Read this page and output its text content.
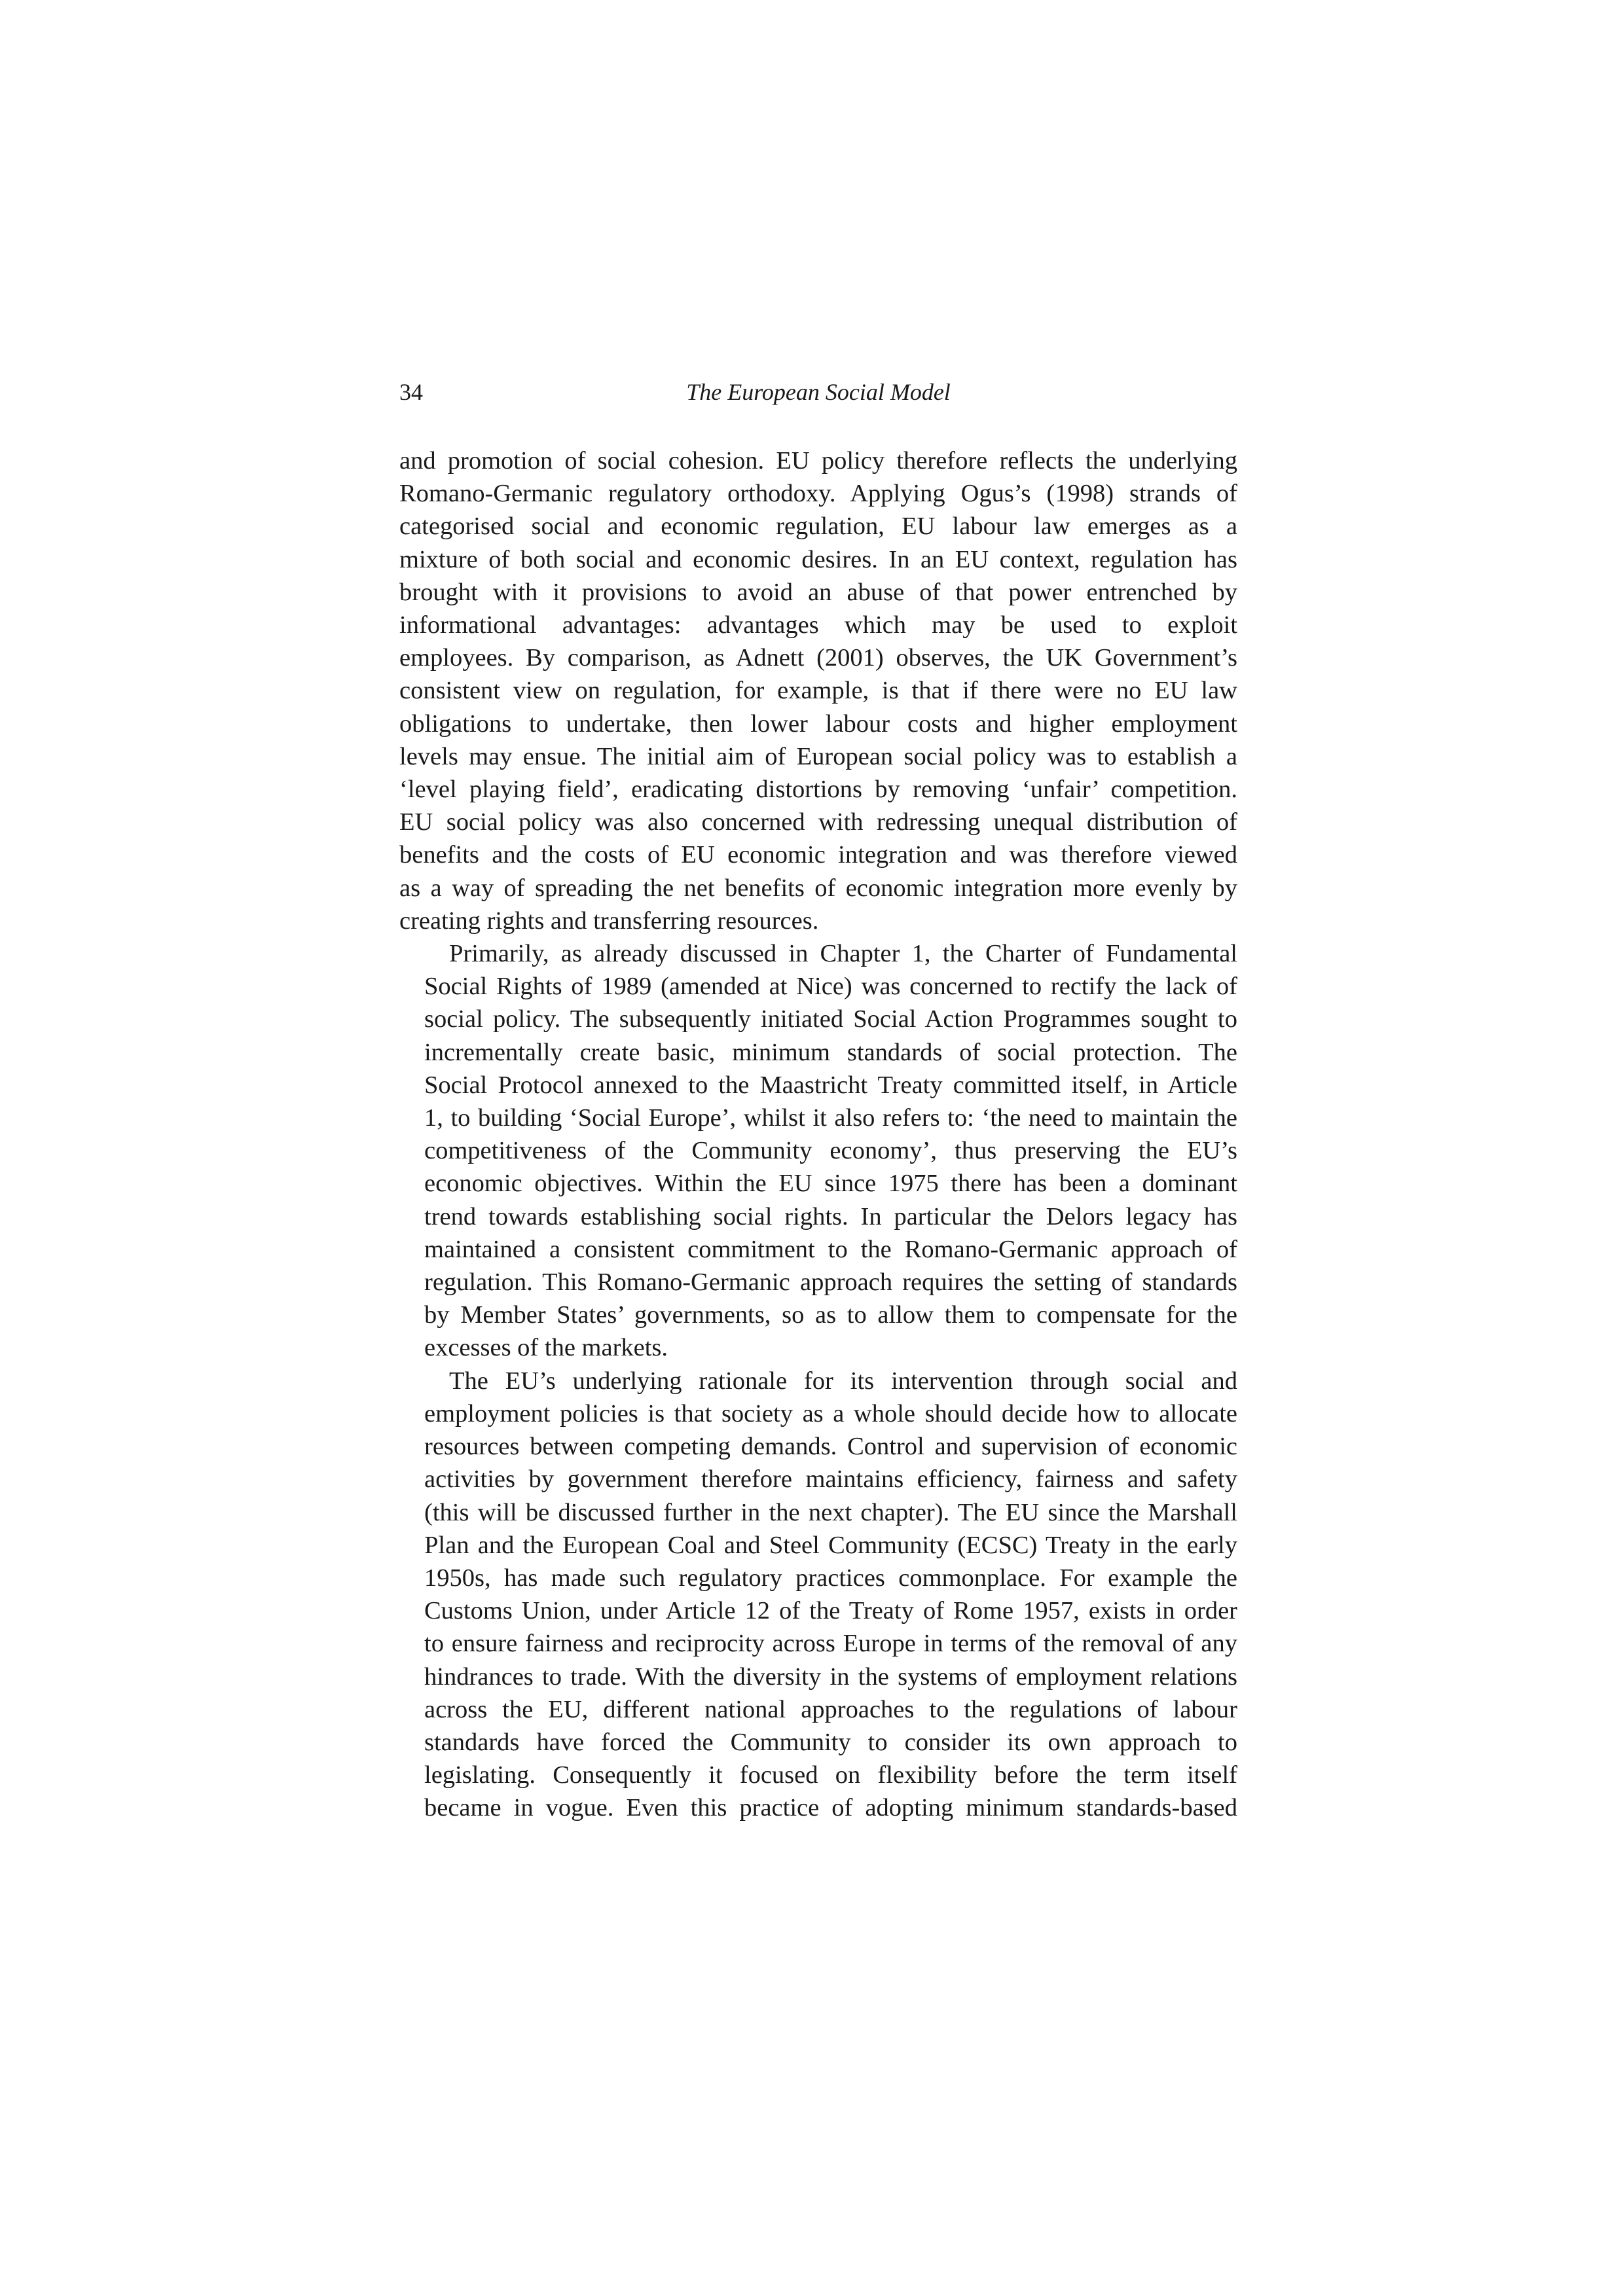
34	The European Social Model

and promotion of social cohesion. EU policy therefore reflects the underlying
Romano-Germanic regulatory orthodoxy. Applying Ogus’s (1998) strands of
categorised social and economic regulation, EU labour law emerges as a
mixture of both social and economic desires. In an EU context, regulation has
brought with it provisions to avoid an abuse of that power entrenched by
informational advantages: advantages which may be used to exploit
employees. By comparison, as Adnett (2001) observes, the UK Government’s
consistent view on regulation, for example, is that if there were no EU law
obligations to undertake, then lower labour costs and higher employment
levels may ensue. The initial aim of European social policy was to establish a
‘level playing field’, eradicating distortions by removing ‘unfair’ competition.
EU social policy was also concerned with redressing unequal distribution of
benefits and the costs of EU economic integration and was therefore viewed
as a way of spreading the net benefits of economic integration more evenly by
creating rights and transferring resources.

Primarily, as already discussed in Chapter 1, the Charter of Fundamental
Social Rights of 1989 (amended at Nice) was concerned to rectify the lack of
social policy. The subsequently initiated Social Action Programmes sought to
incrementally create basic, minimum standards of social protection. The
Social Protocol annexed to the Maastricht Treaty committed itself, in Article
1, to building ‘Social Europe’, whilst it also refers to: ‘the need to maintain the
competitiveness of the Community economy’, thus preserving the EU’s
economic objectives. Within the EU since 1975 there has been a dominant
trend towards establishing social rights. In particular the Delors legacy has
maintained a consistent commitment to the Romano-Germanic approach of
regulation. This Romano-Germanic approach requires the setting of standards
by Member States’ governments, so as to allow them to compensate for the
excesses of the markets.

The EU’s underlying rationale for its intervention through social and
employment policies is that society as a whole should decide how to allocate
resources between competing demands. Control and supervision of economic
activities by government therefore maintains efficiency, fairness and safety
(this will be discussed further in the next chapter). The EU since the Marshall
Plan and the European Coal and Steel Community (ECSC) Treaty in the early
1950s, has made such regulatory practices commonplace. For example the
Customs Union, under Article 12 of the Treaty of Rome 1957, exists in order
to ensure fairness and reciprocity across Europe in terms of the removal of any
hindrances to trade. With the diversity in the systems of employment relations
across the EU, different national approaches to the regulations of labour
standards have forced the Community to consider its own approach to
legislating. Consequently it focused on flexibility before the term itself
became in vogue. Even this practice of adopting minimum standards-based
